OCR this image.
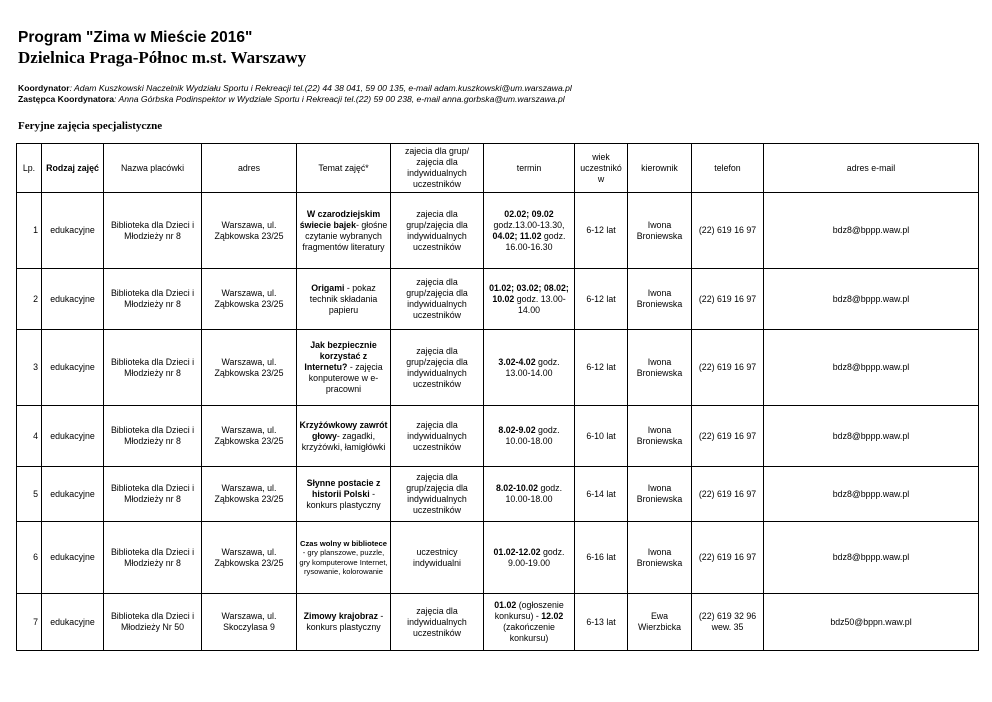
Program "Zima w Mieście 2016"
Dzielnica Praga-Północ m.st. Warszawy
Koordynator: Adam Kuszkowski Naczelnik Wydziału Sportu i Rekreacji tel.(22) 44 38 041, 59 00 135, e-mail adam.kuszkowski@um.warszawa.pl
Zastępca Koordynatora: Anna Górbska Podinspektor w Wydziale Sportu i Rekreacji tel.(22) 59 00 238, e-mail anna.gorbska@um.warszawa.pl
Feryjne zajęcia specjalistyczne
Lp.	Rodzaj zajęć	Nazwa placówki	adres	Temat zajęć*	zajecia dla grup/ zajęcia dla indywidualnych uczestników	termin	wiek uczestnikó w	kierownik	telefon	adres e-mail
1	edukacyjne	Biblioteka dla Dzieci i Młodzieży nr 8	Warszawa, ul. Ząbkowska 23/25	W czarodziejskim świecie bajek- głośne czytanie wybranych fragmentów literatury	zajecia dla grup/zajęcia dla indywidualnych uczestników	02.02; 09.02 godz.13.00-13.30, 04.02; 11.02 godz. 16.00-16.30	6-12 lat	Iwona Broniewska	(22) 619 16 97	bdz8@bppp.waw.pl
2	edukacyjne	Biblioteka dla Dzieci i Młodzieży nr 8	Warszawa, ul. Ząbkowska 23/25	Origami - pokaz technik składania papieru	zajęcia dla grup/zajęcia dla indywidualnych uczestników	01.02; 03.02; 08.02; 10.02 godz. 13.00-14.00	6-12 lat	Iwona Broniewska	(22) 619 16 97	bdz8@bppp.waw.pl
3	edukacyjne	Biblioteka dla Dzieci i Młodzieży nr 8	Warszawa, ul. Ząbkowska 23/25	Jak bezpiecznie korzystać z Internetu? - zajęcia konputerowe w e-pracowni	zajęcia dla grup/zajęcia dla indywidualnych uczestników	3.02-4.02 godz. 13.00-14.00	6-12 lat	Iwona Broniewska	(22) 619 16 97	bdz8@bppp.waw.pl
4	edukacyjne	Biblioteka dla Dzieci i Młodzieży nr 8	Warszawa, ul. Ząbkowska 23/25	Krzyżówkowy zawrót głowy- zagadki, krzyżówki, łamigłówki	zajęcia dla indywidualnych uczestników	8.02-9.02 godz. 10.00-18.00	6-10 lat	Iwona Broniewska	(22) 619 16 97	bdz8@bppp.waw.pl
5	edukacyjne	Biblioteka dla Dzieci i Młodzieży nr 8	Warszawa, ul. Ząbkowska 23/25	Słynne postacie z historii Polski - konkurs plastyczny	zajęcia dla grup/zajęcia dla indywidualnych uczestników	8.02-10.02 godz. 10.00-18.00	6-14 lat	Iwona Broniewska	(22) 619 16 97	bdz8@bppp.waw.pl
6	edukacyjne	Biblioteka dla Dzieci i Młodzieży nr 8	Warszawa, ul. Ząbkowska 23/25	Czas wolny w bibliotece - gry planszowe, puzzle, gry komputerowe Internet, rysowanie, kolorowanie	uczestnicy indywidualni	01.02-12.02 godz. 9.00-19.00	6-16 lat	Iwona Broniewska	(22) 619 16 97	bdz8@bppp.waw.pl
7	edukacyjne	Biblioteka dla Dzieci i Młodzieży Nr 50	Warszawa, ul. Skoczylasa 9	Zimowy krajobraz - konkurs plastyczny	zajęcia dla indywidualnych uczestników	01.02 (ogłoszenie konkursu) - 12.02 (zakończenie konkursu)	6-13 lat	Ewa Wierzbicka	(22) 619 32 96 wew. 35	bdz50@bppn.waw.pl
